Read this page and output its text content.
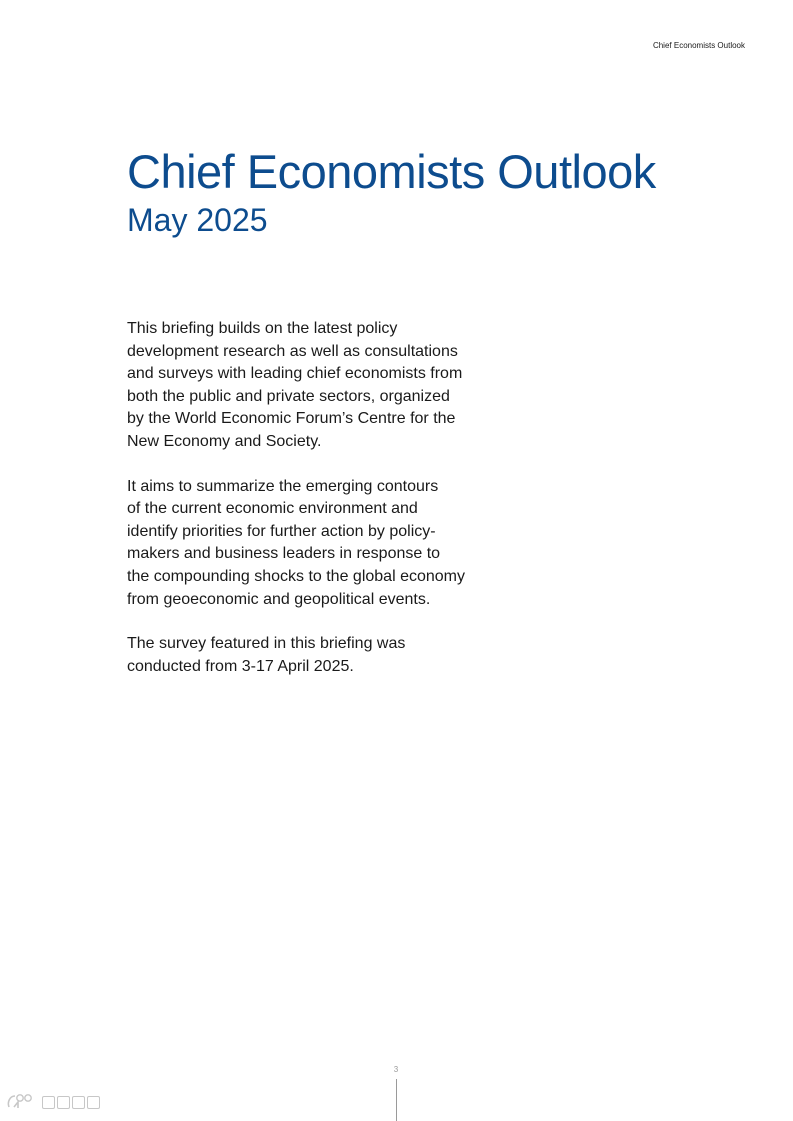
Chief Economists Outlook
Chief Economists Outlook
May 2025

This briefing builds on the latest policy
development research as well as consultations
and surveys with leading chief economists from
both the public and private sectors, organized
by the World Economic Forum’s Centre for the
New Economy and Society.

It aims to summarize the emerging contours
of the current economic environment and
identify priorities for further action by policy-
makers and business leaders in response to
the compounding shocks to the global economy
from geoeconomic and geopolitical events.

The survey featured in this briefing was
conducted from 3-17 April 2025.

3
